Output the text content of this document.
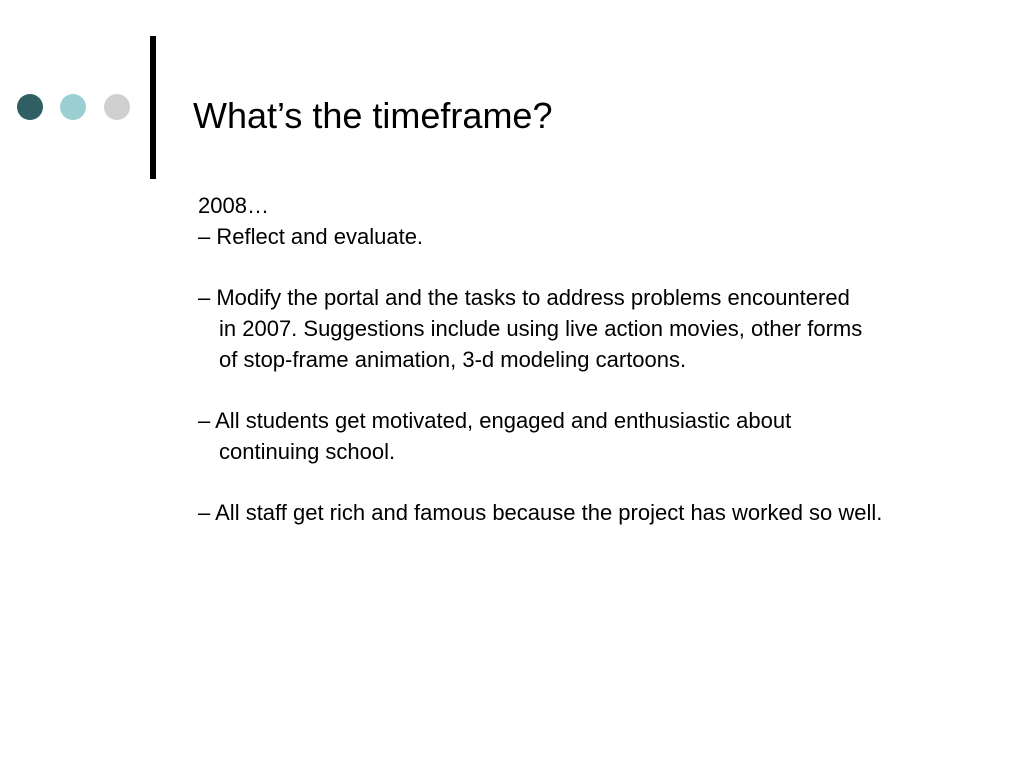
What’s the timeframe?
2008…
– Reflect and evaluate.
– Modify the portal and the tasks to address problems encountered
in 2007. Suggestions include using live action movies, other forms
of stop-frame animation, 3-d modeling cartoons.
– All students get motivated, engaged and enthusiastic about
continuing school.
– All staff get rich and famous because the project has worked so well.
